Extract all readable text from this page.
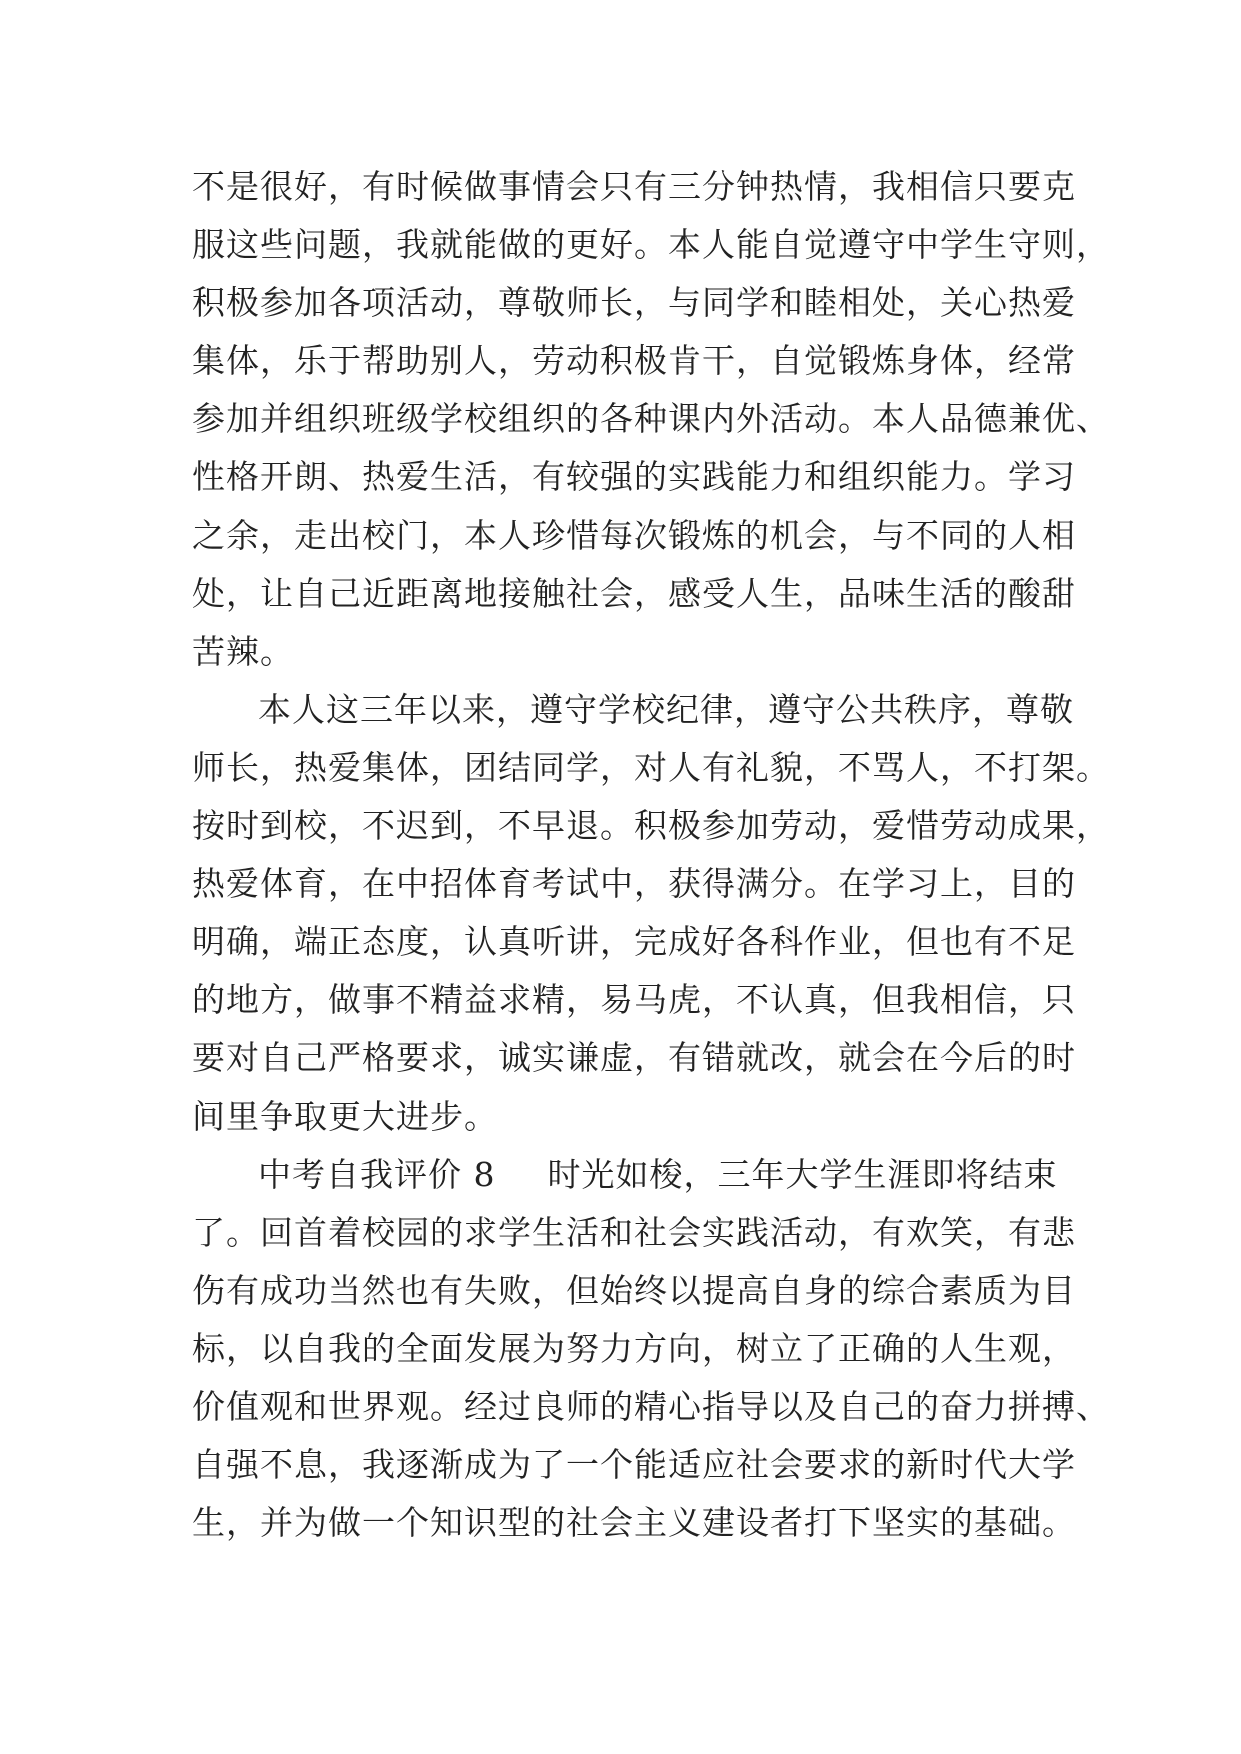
不是很好，有时候做事情会只有三分钟热情，我相信只要克
服这些问题，我就能做的更好。本人能自觉遵守中学生守则，
积极参加各项活动，尊敬师长，与同学和睦相处，关心热爱
集体，乐于帮助别人，劳动积极肯干，自觉锻炼身体，经常
参加并组织班级学校组织的各种课内外活动。本人品德兼优、
性格开朗、热爱生活，有较强的实践能力和组织能力。学习
之余，走出校门，本人珍惜每次锻炼的机会，与不同的人相
处，让自己近距离地接触社会，感受人生，品味生活的酸甜
苦辣。
本人这三年以来，遵守学校纪律，遵守公共秩序，尊敬
师长，热爱集体，团结同学，对人有礼貌，不骂人，不打架。
按时到校，不迟到，不早退。积极参加劳动，爱惜劳动成果，
热爱体育，在中招体育考试中，获得满分。在学习上，目的
明确，端正态度，认真听讲，完成好各科作业，但也有不足
的地方，做事不精益求精，易马虎，不认真，但我相信，只
要对自己严格要求，诚实谦虚，有错就改，就会在今后的时
间里争取更大进步。
中考自我评价 8 时光如梭，三年大学生涯即将结束
了。回首着校园的求学生活和社会实践活动，有欢笑，有悲
伤有成功当然也有失败，但始终以提高自身的综合素质为目
标，以自我的全面发展为努力方向，树立了正确的人生观，
价值观和世界观。经过良师的精心指导以及自己的奋力拼搏、
自强不息，我逐渐成为了一个能适应社会要求的新时代大学
生，并为做一个知识型的社会主义建设者打下坚实的基础。
